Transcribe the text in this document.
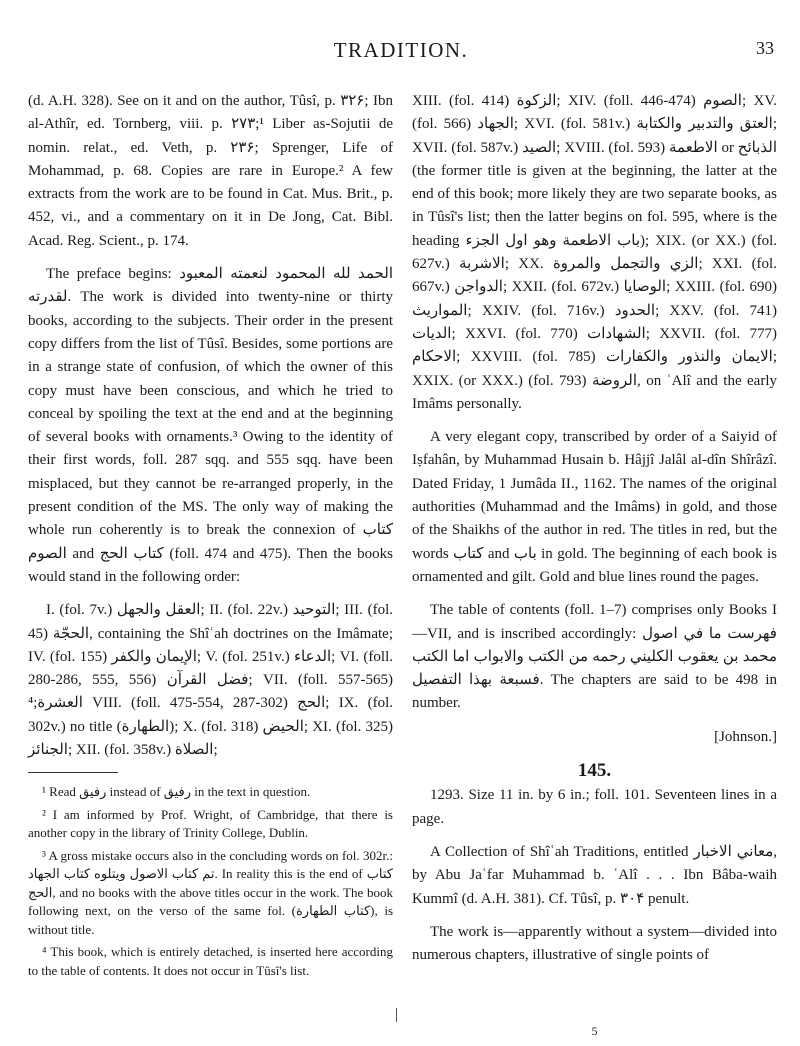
TRADITION.	33

(d. A.H. 328). See on it and on the author, Tûsî, p. ۳۲۶; Ibn al-Athîr, ed. Tornberg, viii. p. ۲۷۳;¹ Liber as-Sojutii de nomin. relat., ed. Veth, p. ۲۳۶; Sprenger, Life of Mohammad, p. 68. Copies are rare in Europe.² A few extracts from the work are to be found in Cat. Mus. Brit., p. 452, vi., and a commentary on it in De Jong, Cat. Bibl. Acad. Reg. Scient., p. 174.

The preface begins: الحمد لله المحمود لنعمته المعبود لقدرته. The work is divided into twenty-nine or thirty books, according to the subjects. Their order in the present copy differs from the list of Tûsî. Besides, some portions are in a strange state of confusion, of which the owner of this copy must have been conscious, and which he tried to conceal by spoiling the text at the end and at the beginning of several books with ornaments.³ Owing to the identity of their first words, foll. 287 sqq. and 555 sqq. have been misplaced, but they cannot be re-arranged properly, in the present condition of the MS. The only way of making the whole run coherently is to break the connexion of كتاب الصوم and كتاب الحج (foll. 474 and 475). Then the books would stand in the following order:

I. (fol. 7v.) العقل والجهل; II. (fol. 22v.) التوحيد; III. (fol. 45) الحجّة, containing the Shîʿah doctrines on the Imâmate; IV. (fol. 155) الإيمان والكفر; V. (fol. 251v.) الدعاء; VI. (foll. 280-286, 555, 556) فضل القرآن; VII. (foll. 557-565) العشرة;⁴ VIII. (foll. 475-554, 287-302) الحج; IX. (fol. 302v.) no title (الطهارة); X. (fol. 318) الحيض; XI. (fol. 325) الجنائز; XII. (fol. 358v.) الصلاة;

¹ Read رفيق instead of رفيق in the text in question.

² I am informed by Prof. Wright, of Cambridge, that there is another copy in the library of Trinity College, Dublin.

³ A gross mistake occurs also in the concluding words on fol. 302r.: تم كتاب الاصول ويتلوه كتاب الجهاد. In reality this is the end of كتاب الحج, and no books with the above titles occur in the work. The book following next, on the verso of the same fol. (كتاب الطهارة), is without title.

⁴ This book, which is entirely detached, is inserted here according to the table of contents. It does not occur in Tûsî's list.

XIII. (fol. 414) الزكوة; XIV. (foll. 446-474) الصوم; XV. (fol. 566) الجهاد; XVI. (fol. 581v.) العتق والتدبير والكتابة; XVII. (fol. 587v.) الصيد; XVIII. (fol. 593) الاطعمة or الذبائح (the former title is given at the beginning, the latter at the end of this book; more likely they are two separate books, as in Tûsî's list; then the latter begins on fol. 595, where is the heading باب الاطعمة وهو اول الجزء); XIX. (or XX.) (fol. 627v.) الاشربة; XX. الزي والتجمل والمروة; XXI. (fol. 667v.) الدواجن; XXII. (fol. 672v.) الوصايا; XXIII. (fol. 690) المواريث; XXIV. (fol. 716v.) الحدود; XXV. (fol. 741) الديات; XXVI. (fol. 770) الشهادات; XXVII. (fol. 777) الاحكام; XXVIII. (fol. 785) الايمان والنذور والكفارات; XXIX. (or XXX.) (fol. 793) الروضة, on ʿAlî and the early Imâms personally.

A very elegant copy, transcribed by order of a Saiyid of Iṣfahân, by Muhammad Husain b. Hâjjî Jalâl al-dîn Shîrâzî. Dated Friday, 1 Jumâda II., 1162. The names of the original authorities (Muhammad and the Imâms) in gold, and those of the Shaikhs of the author in red. The titles in red, but the words كتاب and باب in gold. The beginning of each book is ornamented and gilt. Gold and blue lines round the pages.

The table of contents (foll. 1–7) comprises only Books I—VII, and is inscribed accordingly: فهرست ما في اصول محمد بن يعقوب الكليني رحمه من الكتب والابواب اما الكتب فسبعة بهذا التفصيل. The chapters are said to be 498 in number.

[Johnson.]

145.

1293. Size 11 in. by 6 in.; foll. 101. Seventeen lines in a page.

A Collection of Shîʿah Traditions, entitled معاني الاخبار, by Abu Jaʿfar Muhammad b. ʿAlî . . . Ibn Bâba-waih Kummî (d. A.H. 381). Cf. Tûsî, p. ۳۰۴ penult.

The work is—apparently without a system—divided into numerous chapters, illustrative of single points of

5
